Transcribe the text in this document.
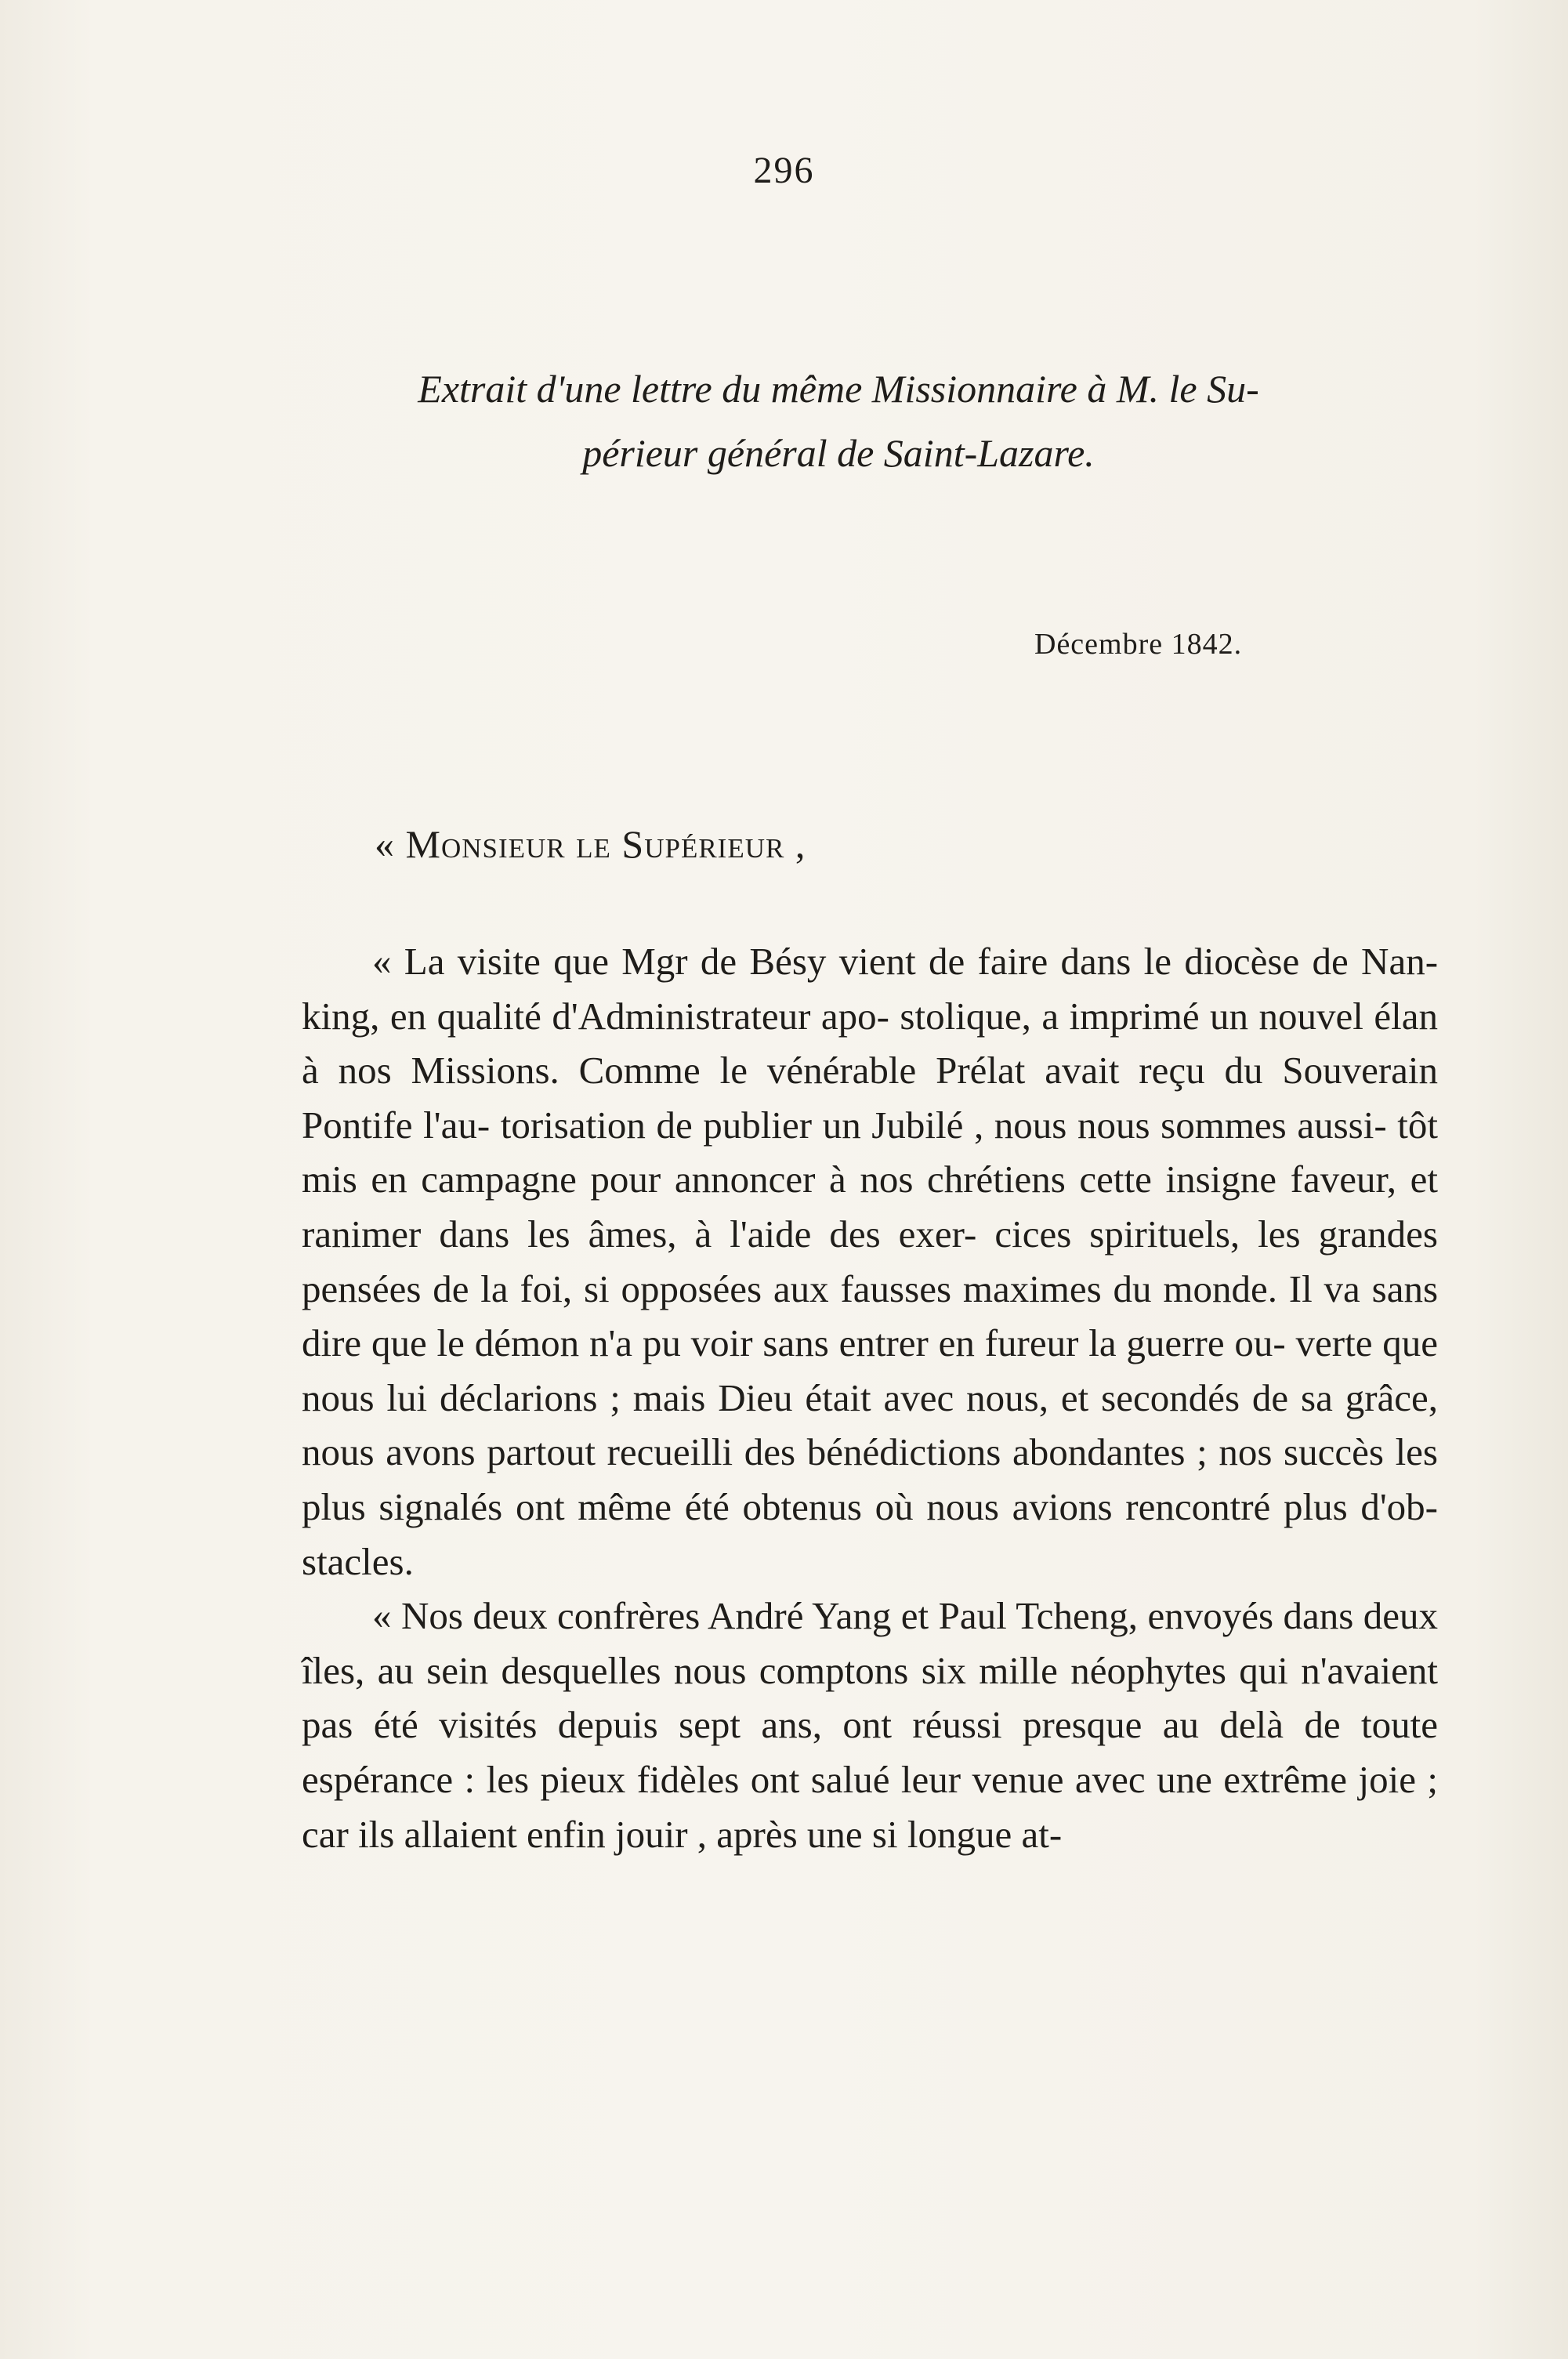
296
Extrait d'une lettre du même Missionnaire à M. le Su-
périeur général de Saint-Lazare.
Décembre 1842.
« Monsieur le Supérieur ,
« La visite que Mgr de Bésy vient de faire dans le diocèse de Nan-king, en qualité d'Administrateur apo- stolique, a imprimé un nouvel élan à nos Missions. Comme le vénérable Prélat avait reçu du Souverain Pontife l'au- torisation de publier un Jubilé , nous nous sommes aussi- tôt mis en campagne pour annoncer à nos chrétiens cette insigne faveur, et ranimer dans les âmes, à l'aide des exer- cices spirituels, les grandes pensées de la foi, si opposées aux fausses maximes du monde. Il va sans dire que le démon n'a pu voir sans entrer en fureur la guerre ou- verte que nous lui déclarions ; mais Dieu était avec nous, et secondés de sa grâce, nous avons partout recueilli des bénédictions abondantes ; nos succès les plus signalés ont même été obtenus où nous avions rencontré plus d'ob- stacles.
« Nos deux confrères André Yang et Paul Tcheng, envoyés dans deux îles, au sein desquelles nous comptons six mille néophytes qui n'avaient pas été visités depuis sept ans, ont réussi presque au delà de toute espérance : les pieux fidèles ont salué leur venue avec une extrême joie ; car ils allaient enfin jouir , après une si longue at-
